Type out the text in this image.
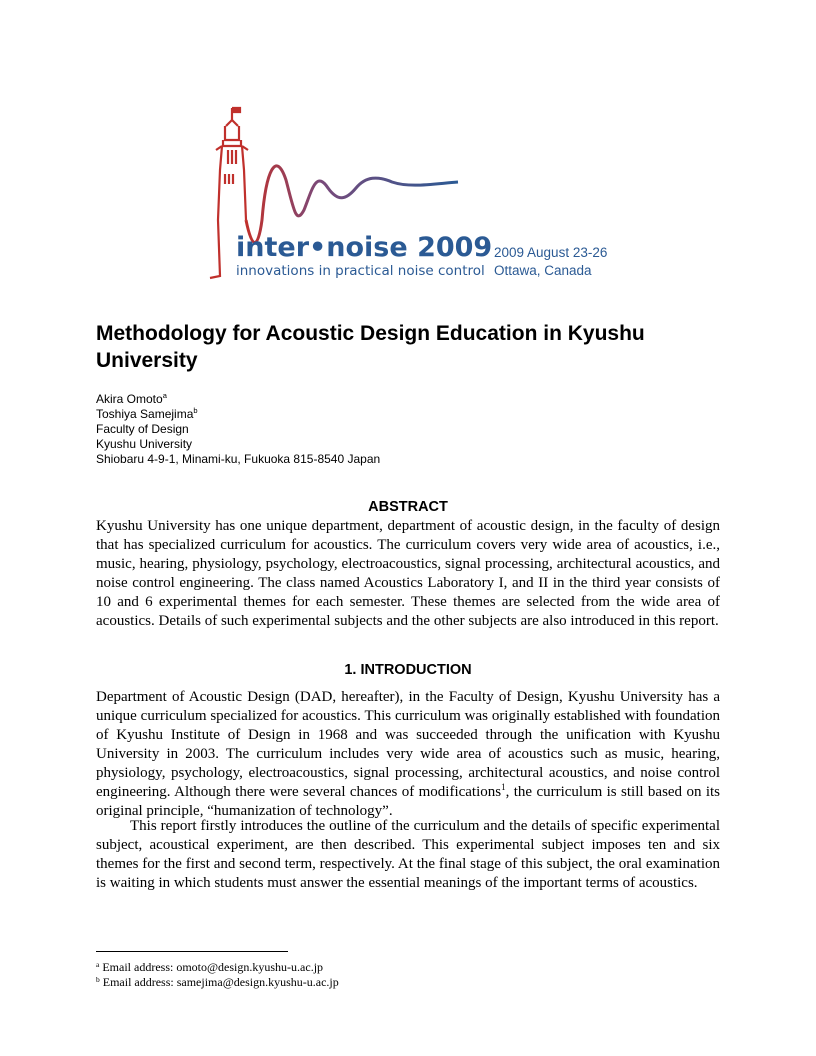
inter•noise 2009
innovations in practical noise control
2009 August 23-26
Ottawa, Canada
Methodology for Acoustic Design Education in Kyushu University
Akira Omoto$^a$
Toshiya Samejima$^b$
Faculty of Design
Kyushu University
Shiobaru 4-9-1, Minami-ku, Fukuoka 815-8540 Japan
ABSTRACT

Kyushu University has one unique department, department of acoustic design, in the faculty of design that has specialized curriculum for acoustics. The curriculum covers very wide area of acoustics, i.e., music, hearing, physiology, psychology, electroacoustics, signal processing, architectural acoustics, and noise control engineering. The class named Acoustics Laboratory I, and II in the third year consists of 10 and 6 experimental themes for each semester. These themes are selected from the wide area of acoustics. Details of such experimental subjects and the other subjects are also introduced in this report.

1. INTRODUCTION

Department of Acoustic Design (DAD, hereafter), in the Faculty of Design, Kyushu University has a unique curriculum specialized for acoustics. This curriculum was originally established with foundation of Kyushu Institute of Design in 1968 and was succeeded through the unification with Kyushu University in 2003. The curriculum includes very wide area of acoustics such as music, hearing, physiology, psychology, electroacoustics, signal processing, architectural acoustics, and noise control engineering. Although there were several chances of modifications$^1$, the curriculum is still based on its original principle, “humanization of technology”.

This report firstly introduces the outline of the curriculum and the details of specific experimental subject, acoustical experiment, are then described. This experimental subject imposes ten and six themes for the first and second term, respectively. At the final stage of this subject, the oral examination is waiting in which students must answer the essential meanings of the important terms of acoustics.

$^a$ Email address: omoto@design.kyushu-u.ac.jp
$^b$ Email address: samejima@design.kyushu-u.ac.jp
